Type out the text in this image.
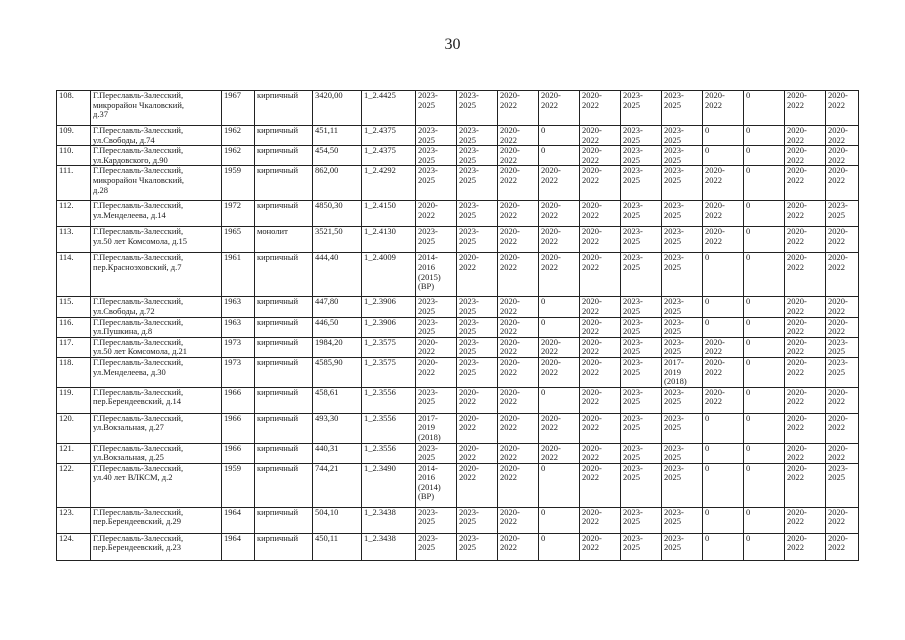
30
108.	Г.Переславль-Залесский,
микрорайон Чкаловский,
д.37	1967	кирпичный	3420,00	1_2.4425	2023-
2025	2023-
2025	2020-
2022	2020-
2022	2020-
2022	2023-
2025	2023-
2025	2020-
2022	0	2020-
2022	2020-
2022
109.	Г.Переславль-Залесский,
ул.Свободы, д.74	1962	кирпичный	451,11	1_2.4375	2023-
2025	2023-
2025	2020-
2022	0	2020-
2022	2023-
2025	2023-
2025	0	0	2020-
2022	2020-
2022
110.	Г.Переславль-Залесский,
ул.Кардовского, д.90	1962	кирпичный	454,50	1_2.4375	2023-
2025	2023-
2025	2020-
2022	0	2020-
2022	2023-
2025	2023-
2025	0	0	2020-
2022	2020-
2022
111.	Г.Переславль-Залесский,
микрорайон Чкаловский,
д.28	1959	кирпичный	862,00	1_2.4292	2023-
2025	2023-
2025	2020-
2022	2020-
2022	2020-
2022	2023-
2025	2023-
2025	2020-
2022	0	2020-
2022	2020-
2022
112.	Г.Переславль-Залесский,
ул.Менделеева, д.14	1972	кирпичный	4850,30	1_2.4150	2020-
2022	2023-
2025	2020-
2022	2020-
2022	2020-
2022	2023-
2025	2023-
2025	2020-
2022	0	2020-
2022	2023-
2025
113.	Г.Переславль-Залесский,
ул.50 лет Комсомола, д.15	1965	монолит	3521,50	1_2.4130	2023-
2025	2023-
2025	2020-
2022	2020-
2022	2020-
2022	2023-
2025	2023-
2025	2020-
2022	0	2020-
2022	2020-
2022
114.	Г.Переславль-Залесский,
пер.Красноэховский, д.7	1961	кирпичный	444,40	1_2.4009	2014-
2016
(2015)
(ВР)	2020-
2022	2020-
2022	2020-
2022	2020-
2022	2023-
2025	2023-
2025	0	0	2020-
2022	2020-
2022
115.	Г.Переславль-Залесский,
ул.Свободы, д.72	1963	кирпичный	447,80	1_2.3906	2023-
2025	2023-
2025	2020-
2022	0	2020-
2022	2023-
2025	2023-
2025	0	0	2020-
2022	2020-
2022
116.	Г.Переславль-Залесский,
ул.Пушкина, д.8	1963	кирпичный	446,50	1_2.3906	2023-
2025	2023-
2025	2020-
2022	0	2020-
2022	2023-
2025	2023-
2025	0	0	2020-
2022	2020-
2022
117.	Г.Переславль-Залесский,
ул.50 лет Комсомола, д.21	1973	кирпичный	1984,20	1_2.3575	2020-
2022	2023-
2025	2020-
2022	2020-
2022	2020-
2022	2023-
2025	2023-
2025	2020-
2022	0	2020-
2022	2023-
2025
118.	Г.Переславль-Залесский,
ул.Менделеева, д.30	1973	кирпичный	4585,90	1_2.3575	2020-
2022	2023-
2025	2020-
2022	2020-
2022	2020-
2022	2023-
2025	2017-
2019
(2018)	2020-
2022	0	2020-
2022	2023-
2025
119.	Г.Переславль-Залесский,
пер.Берендеевский, д.14	1966	кирпичный	458,61	1_2.3556	2023-
2025	2020-
2022	2020-
2022	0	2020-
2022	2023-
2025	2023-
2025	2020-
2022	0	2020-
2022	2020-
2022
120.	Г.Переславль-Залесский,
ул.Вокзальная, д.27	1966	кирпичный	493,30	1_2.3556	2017-
2019
(2018)	2020-
2022	2020-
2022	2020-
2022	2020-
2022	2023-
2025	2023-
2025	0	0	2020-
2022	2020-
2022
121.	Г.Переславль-Залесский,
ул.Вокзальная, д.25	1966	кирпичный	440,31	1_2.3556	2023-
2025	2020-
2022	2020-
2022	2020-
2022	2020-
2022	2023-
2025	2023-
2025	0	0	2020-
2022	2020-
2022
122.	Г.Переславль-Залесский,
ул.40 лет ВЛКСМ, д.2	1959	кирпичный	744,21	1_2.3490	2014-
2016
(2014)
(ВР)	2020-
2022	2020-
2022	0	2020-
2022	2023-
2025	2023-
2025	0	0	2020-
2022	2023-
2025
123.	Г.Переславль-Залесский,
пер.Берендеевский, д.29	1964	кирпичный	504,10	1_2.3438	2023-
2025	2023-
2025	2020-
2022	0	2020-
2022	2023-
2025	2023-
2025	0	0	2020-
2022	2020-
2022
124.	Г.Переславль-Залесский,
пер.Берендеевский, д.23	1964	кирпичный	450,11	1_2.3438	2023-
2025	2023-
2025	2020-
2022	0	2020-
2022	2023-
2025	2023-
2025	0	0	2020-
2022	2020-
2022
